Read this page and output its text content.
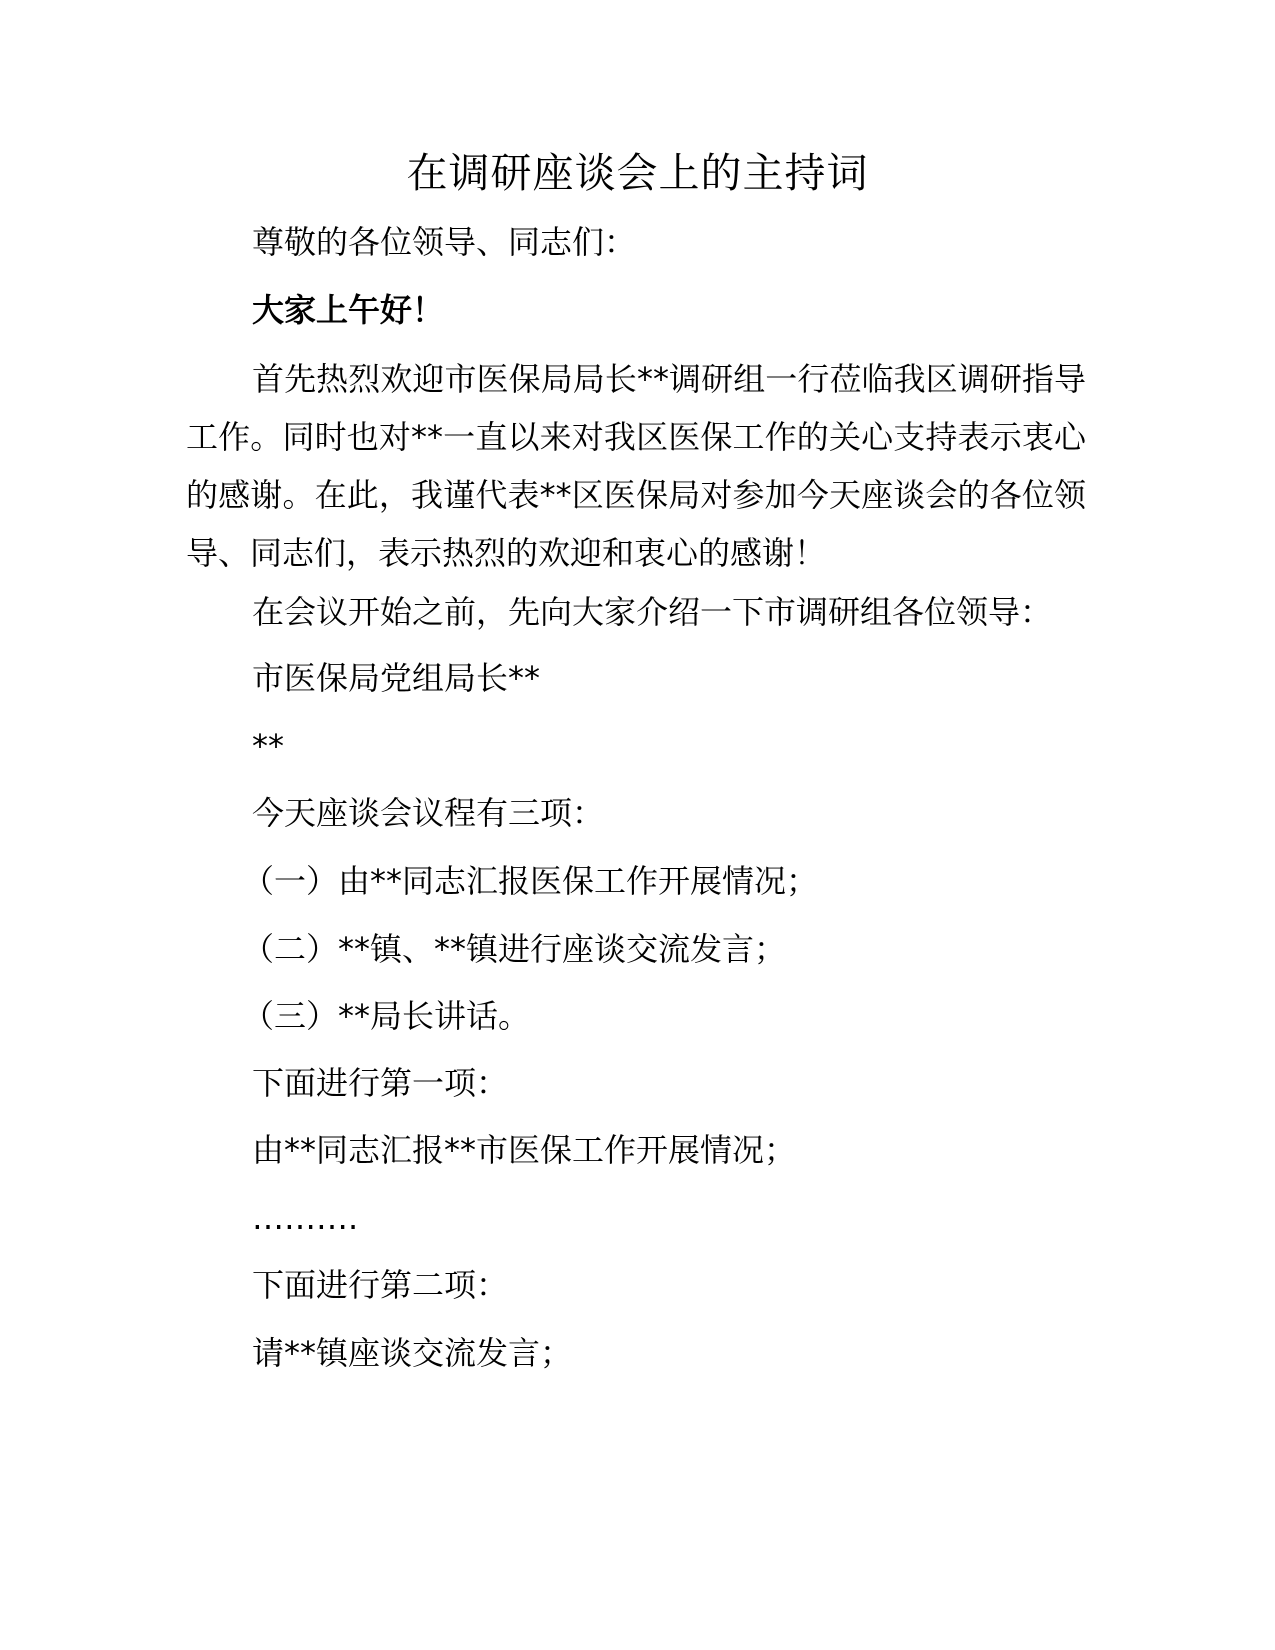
在调研座谈会上的主持词

尊敬的各位领导、同志们：

大家上午好！

首先热烈欢迎市医保局局长**调研组一行莅临我区调研指导工作。同时也对**一直以来对我区医保工作的关心支持表示衷心的感谢。在此，我谨代表**区医保局对参加今天座谈会的各位领导、同志们，表示热烈的欢迎和衷心的感谢！

在会议开始之前，先向大家介绍一下市调研组各位领导：

市医保局党组局长**

**

今天座谈会议程有三项：

（一）由**同志汇报医保工作开展情况；

（二）**镇、**镇进行座谈交流发言；

（三）**局长讲话。

下面进行第一项：

由**同志汇报**市医保工作开展情况；

……….

下面进行第二项：

请**镇座谈交流发言；
